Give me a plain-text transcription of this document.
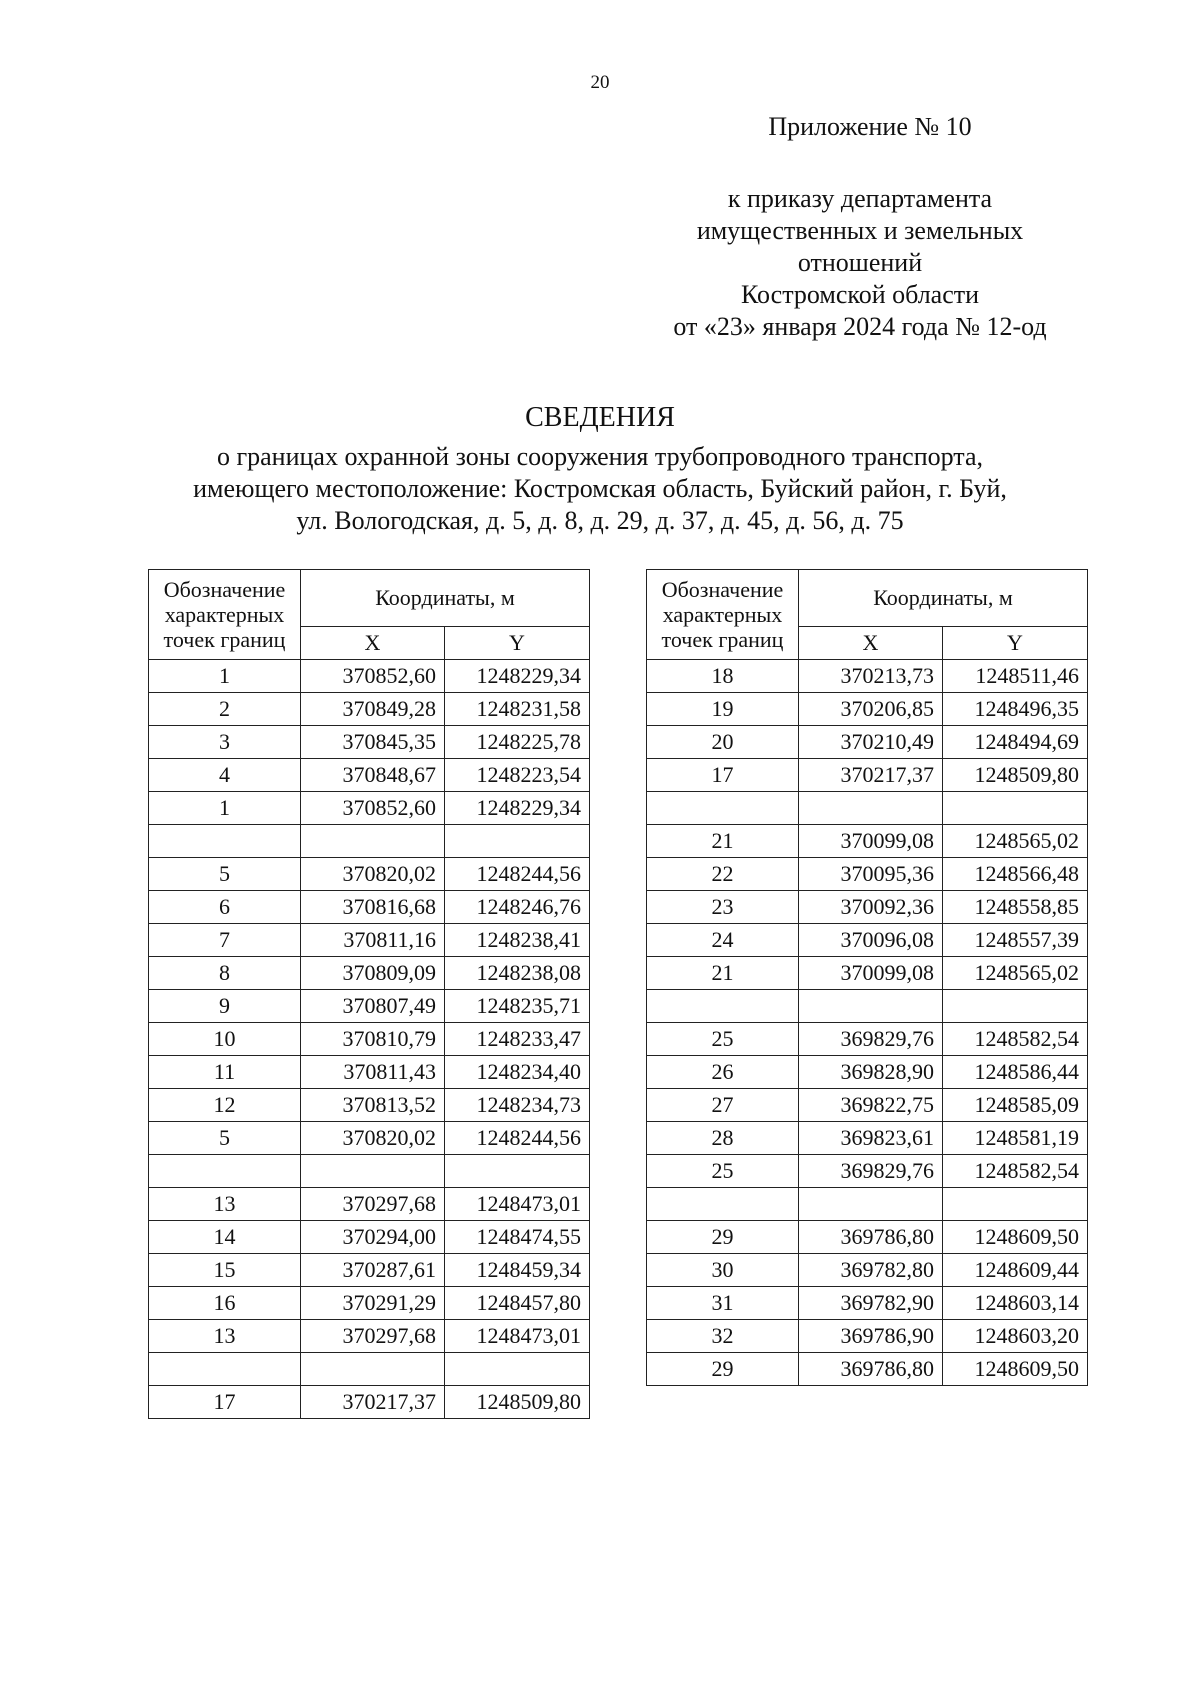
20
Приложение № 10
к приказу департамента
имущественных и земельных
отношений
Костромской области
от «23» января 2024 года № 12-од
СВЕДЕНИЯ
о границах охранной зоны сооружения трубопроводного транспорта,
имеющего местоположение: Костромская область, Буйский район, г. Буй,
ул. Вологодская, д. 5, д. 8, д. 29, д. 37, д. 45, д. 56, д. 75
Обозначение характерных точек границ	Координаты, м	
	X	Y
1	370852,60	1248229,34
2	370849,28	1248231,58
3	370845,35	1248225,78
4	370848,67	1248223,54
1	370852,60	1248229,34

5	370820,02	1248244,56
6	370816,68	1248246,76
7	370811,16	1248238,41
8	370809,09	1248238,08
9	370807,49	1248235,71
10	370810,79	1248233,47
11	370811,43	1248234,40
12	370813,52	1248234,73
5	370820,02	1248244,56

13	370297,68	1248473,01
14	370294,00	1248474,55
15	370287,61	1248459,34
16	370291,29	1248457,80
13	370297,68	1248473,01

17	370217,37	1248509,80
Обозначение характерных точек границ	Координаты, м	
	X	Y
18	370213,73	1248511,46
19	370206,85	1248496,35
20	370210,49	1248494,69
17	370217,37	1248509,80

21	370099,08	1248565,02
22	370095,36	1248566,48
23	370092,36	1248558,85
24	370096,08	1248557,39
21	370099,08	1248565,02

25	369829,76	1248582,54
26	369828,90	1248586,44
27	369822,75	1248585,09
28	369823,61	1248581,19
25	369829,76	1248582,54

29	369786,80	1248609,50
30	369782,80	1248609,44
31	369782,90	1248603,14
32	369786,90	1248603,20
29	369786,80	1248609,50
